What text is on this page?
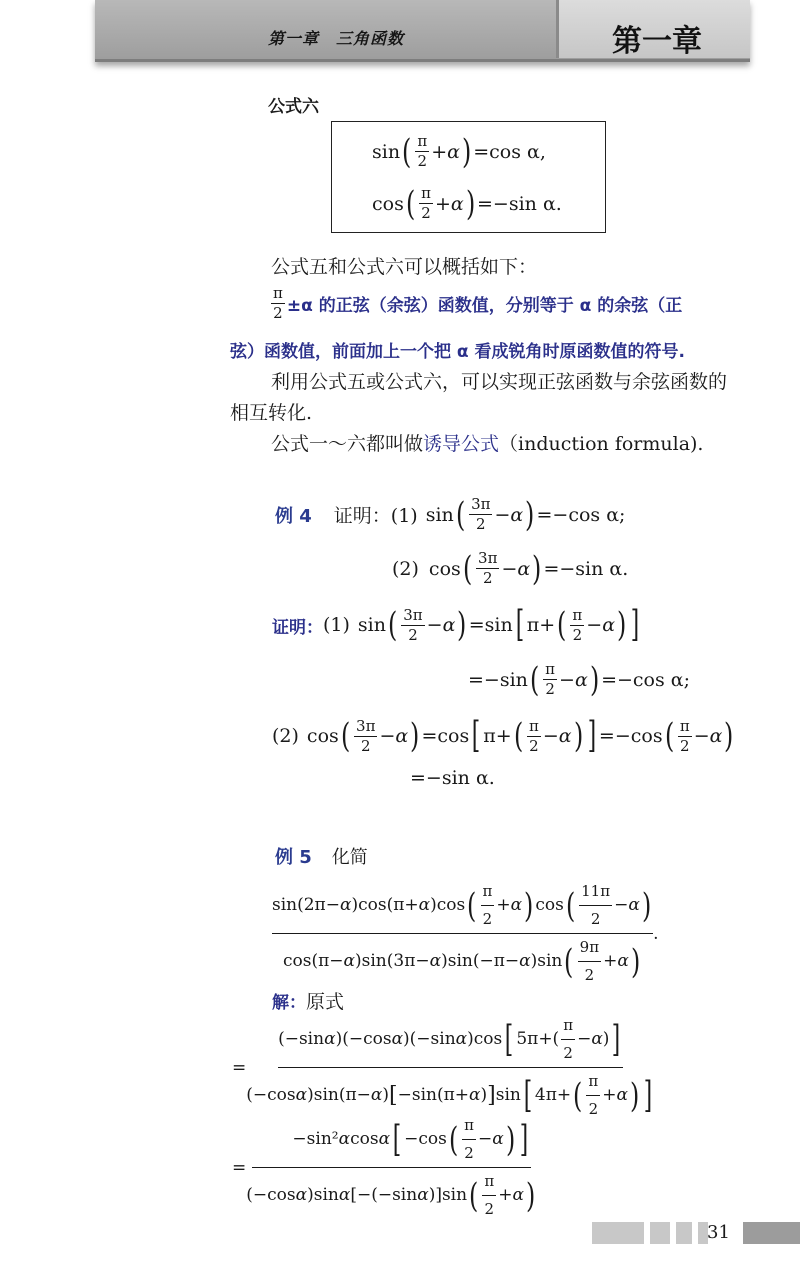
第一章　三角函数	第一章
公式六
sin ( $\frac{\pi}{2} +\alpha$ ) =cos α,
cos ( $\frac{\pi}{2} +\alpha$ ) =−sin α.
公式五和公式六可以概括如下：
$\frac{\pi}{2} \pm\alpha$ 的正弦（余弦）函数值，分别等于 α 的余弦（正
弦）函数值，前面加上一个把 α 看成锐角时原函数值的符号.
利用公式五或公式六，可以实现正弦函数与余弦函数的
相互转化.
公式一～六都叫做诱导公式（induction formula).
例 4 证明：(1) sin ( $\frac{3\pi}{2} -\alpha$ ) =−cos α;
(2) cos ( $\frac{3\pi}{2} -\alpha$ ) =−sin α.
证明： (1) sin ( $\frac{3\pi}{2} -\alpha$ ) =sin [ π+ ( $\frac{\pi}{2} -\alpha$ ) ]
=−sin ( $\frac{\pi}{2} -\alpha$ ) =−cos α;
(2) cos ( $\frac{3\pi}{2} -\alpha$ ) =cos [ π+ ( $\frac{\pi}{2} -\alpha$ ) ] =−cos ( $\frac{\pi}{2} -\alpha$ )
=−sin α.
例 5 化简
$\frac{\sin(2\pi- \alpha )\cos(\pi+ \alpha )\cos ( \frac{\pi}{2} + \alpha ) \cos ( \frac{11\pi}{2} - \alpha )}{\cos(\pi- \alpha )\sin(3\pi- \alpha )\sin(-\pi- \alpha )\sin ( \frac{9\pi}{2} + \alpha )}$ .
解：原式
= $\frac{(-\sin \alpha )(-\cos \alpha )(-\sin \alpha )\cos [ 5\pi+( \frac{\pi}{2} - \alpha ) ]}{(-\cos \alpha )\sin(\pi- \alpha ) [ -\sin(\pi+ \alpha ) ] \sin [ 4\pi+ ( \frac{\pi}{2} + \alpha ) ]}$
= $\frac{-\sin^2 \alpha \cos \alpha [ -\cos ( \frac{\pi}{2} - \alpha ) ]}{(-\cos \alpha )\sin \alpha [-(-\sin \alpha )]\sin ( \frac{\pi}{2} + \alpha )}$
31
